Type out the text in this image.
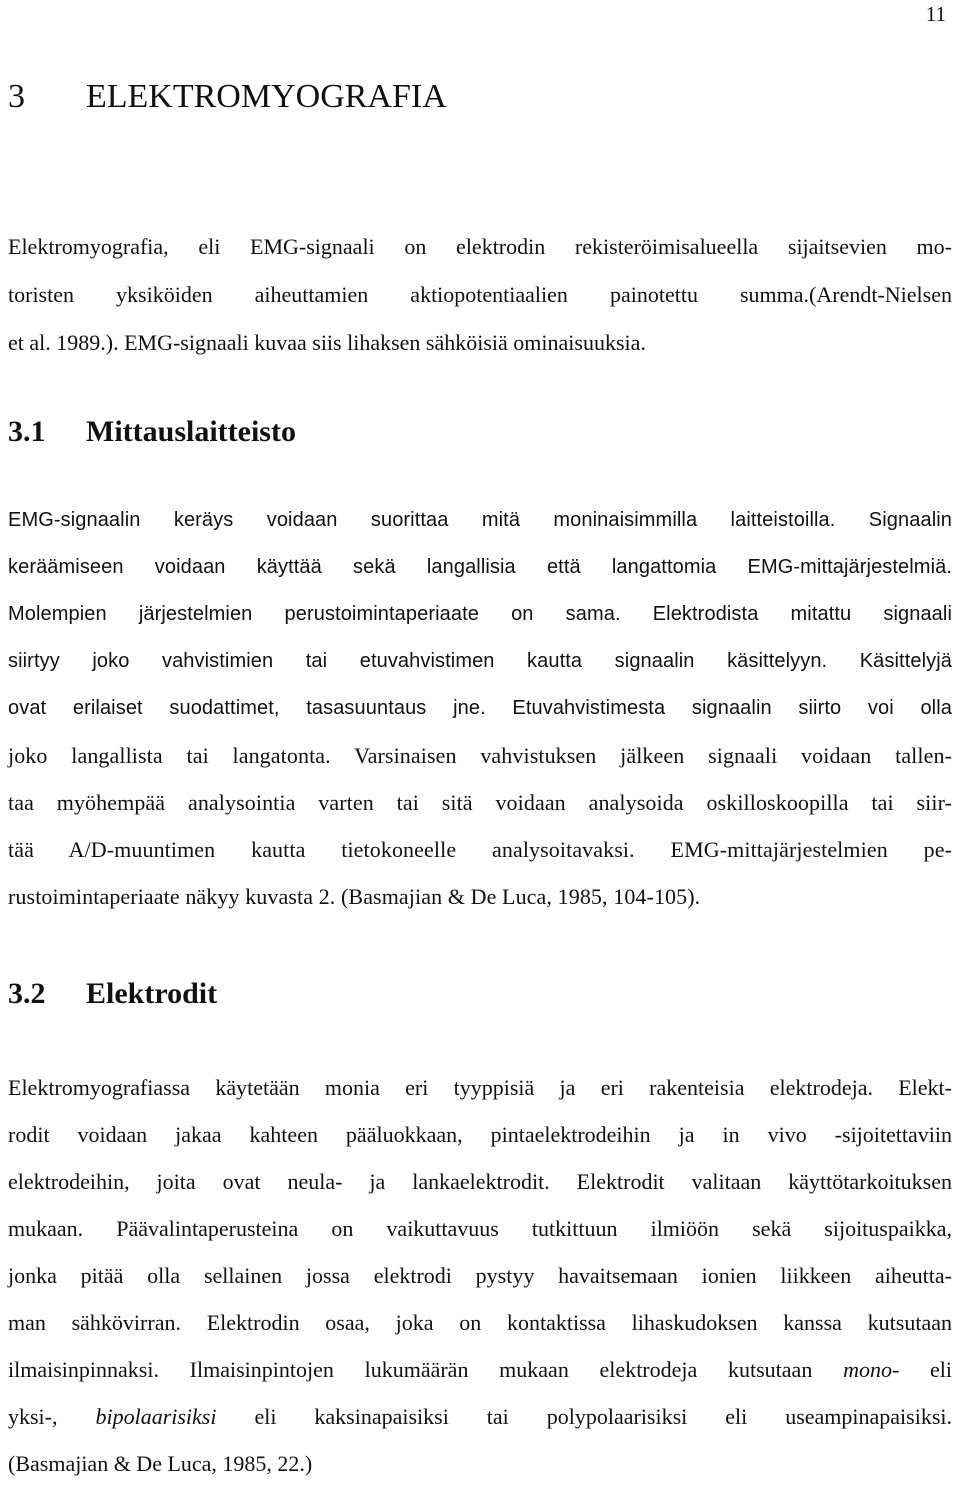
11
3 ELEKTROMYOGRAFIA
Elektromyografia, eli EMG-signaali on elektrodin rekisteröimisalueella sijaitsevien mo-
toristen yksiköiden aiheuttamien aktiopotentiaalien painotettu summa.(Arendt-Nielsen
et al. 1989.). EMG-signaali kuvaa siis lihaksen sähköisiä ominaisuuksia.
3.1 Mittauslaitteisto
EMG-signaalin keräys voidaan suorittaa mitä moninaisimmilla laitteistoilla. Signaalin
keräämiseen voidaan käyttää sekä langallisia että langattomia EMG-mittajärjestelmiä.
Molempien järjestelmien perustoimintaperiaate on sama. Elektrodista mitattu signaali
siirtyy joko vahvistimien tai etuvahvistimen kautta signaalin käsittelyyn. Käsittelyjä
ovat erilaiset suodattimet, tasasuuntaus jne. Etuvahvistimesta signaalin siirto voi olla
joko langallista tai langatonta. Varsinaisen vahvistuksen jälkeen signaali voidaan tallen-
taa myöhempää analysointia varten tai sitä voidaan analysoida oskilloskoopilla tai siir-
tää A/D-muuntimen kautta tietokoneelle analysoitavaksi. EMG-mittajärjestelmien pe-
rustoimintaperiaate näkyy kuvasta 2. (Basmajian & De Luca, 1985, 104-105).
3.2 Elektrodit
Elektromyografiassa käytetään monia eri tyyppisiä ja eri rakenteisia elektrodeja. Elekt-
rodit voidaan jakaa kahteen pääluokkaan, pintaelektrodeihin ja in vivo -sijoitettaviin
elektrodeihin, joita ovat neula- ja lankaelektrodit. Elektrodit valitaan käyttötarkoituksen
mukaan. Päävalintaperusteina on vaikuttavuus tutkittuun ilmiöön sekä sijoituspaikka,
jonka pitää olla sellainen jossa elektrodi pystyy havaitsemaan ionien liikkeen aiheutta-
man sähkövirran. Elektrodin osaa, joka on kontaktissa lihaskudoksen kanssa kutsutaan
ilmaisinpinnaksi. Ilmaisinpintojen lukumäärän mukaan elektrodeja kutsutaan mono- eli
yksi-, bipolaarisiksi eli kaksinapaisiksi tai polypolaarisiksi eli useampinapaisiksi.
(Basmajian & De Luca, 1985, 22.)
